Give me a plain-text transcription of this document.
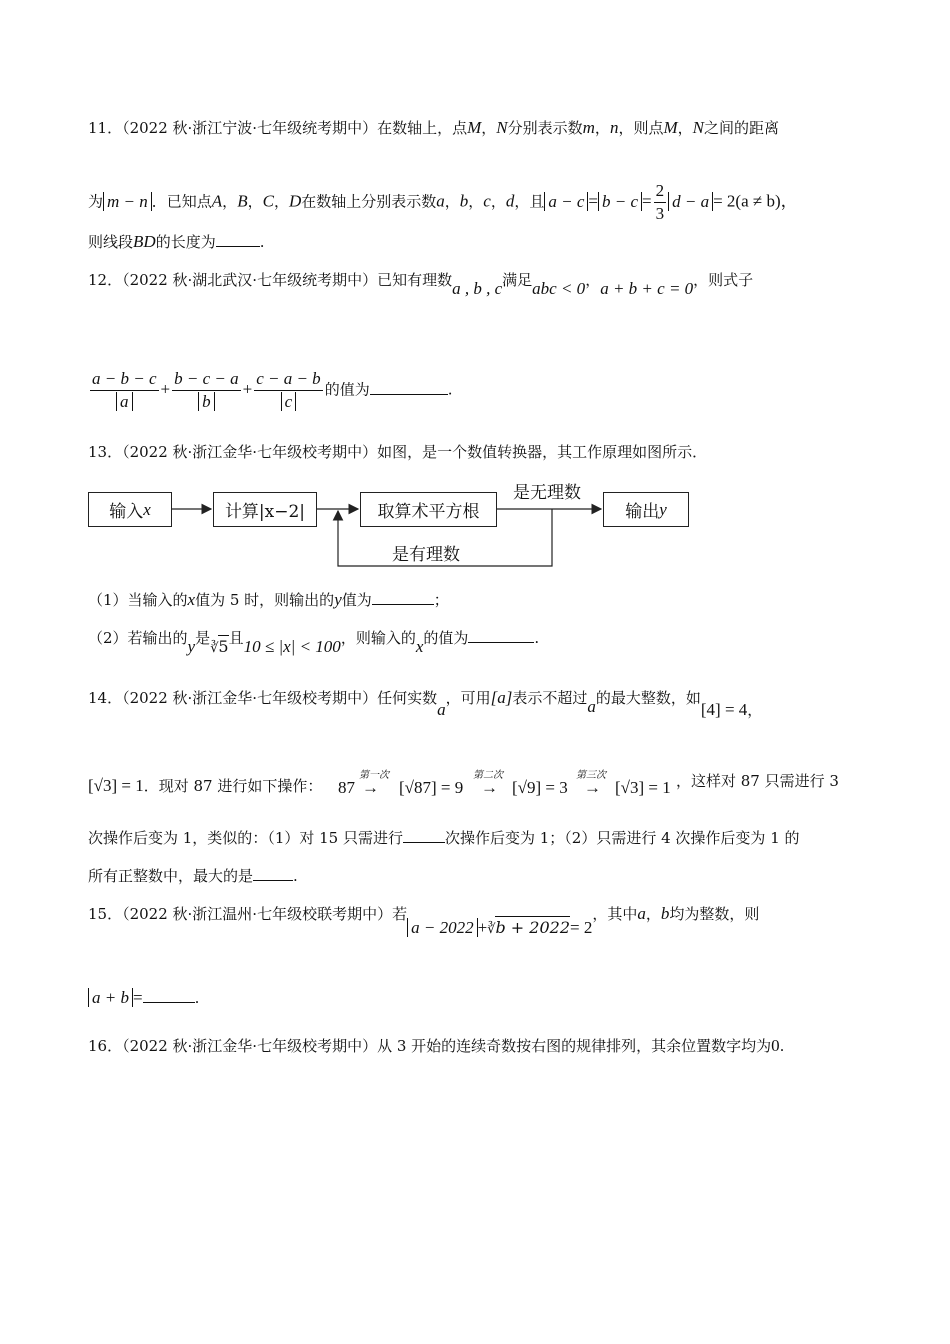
11．（2022 秋·浙江宁波·七年级统考期中）在数轴上，点M，N分别表示数m，n，则点M，N之间的距离
为 m − n ．已知点A，B，C，D在数轴上分别表示数a，b，c，d，且 $a - c = b - c = \frac{2}{3}$ d − a = 2(a ≠ b)，
则线段BD的长度为	.
12．（2022 秋·湖北武汉·七年级统考期中）已知有理数a , b , c满足abc < 0，a + b + c = 0，则式子
$\frac{a - b - c}{a} + \frac{b - c - a}{b} + \frac{c - a - b}{c}$ 的值为	.
13．（2022 秋·浙江金华·七年级校考期中）如图，是一个数值转换器，其工作原理如图所示．
输入 x	计算|x−2|	取算术平方根	输出 y
是无理数
是有理数
（1）当输入的x值为 5 时，则输出的y值为	；
（2）若输出的y是∛5且10 ≤ |x| < 100，则输入的x的值为	.
14．（2022 秋·浙江金华·七年级校考期中）任何实数a，可用[a]表示不超过a的最大整数，如[4] = 4，
[√3] = 1．现对 87 进行如下操作： 87
第一次
→ [√87] = 9
第二次
→ [√9] = 3
第三次
→ [√3] = 1 ，这样对 87 只需进行 3
次操作后变为 1，类似的：（1）对 15 只需进行	次操作后变为 1；（2）只需进行 4 次操作后变为 1 的
所有正整数中，最大的是	.
15．（2022 秋·浙江温州·七年级校联考期中）若a − 2022 +∛b + 2022= 2，其中a，b均为整数，则
a + b =	.
16．（2022 秋·浙江金华·七年级校考期中）从 3 开始的连续奇数按右图的规律排列，其余位置数字均为0.
